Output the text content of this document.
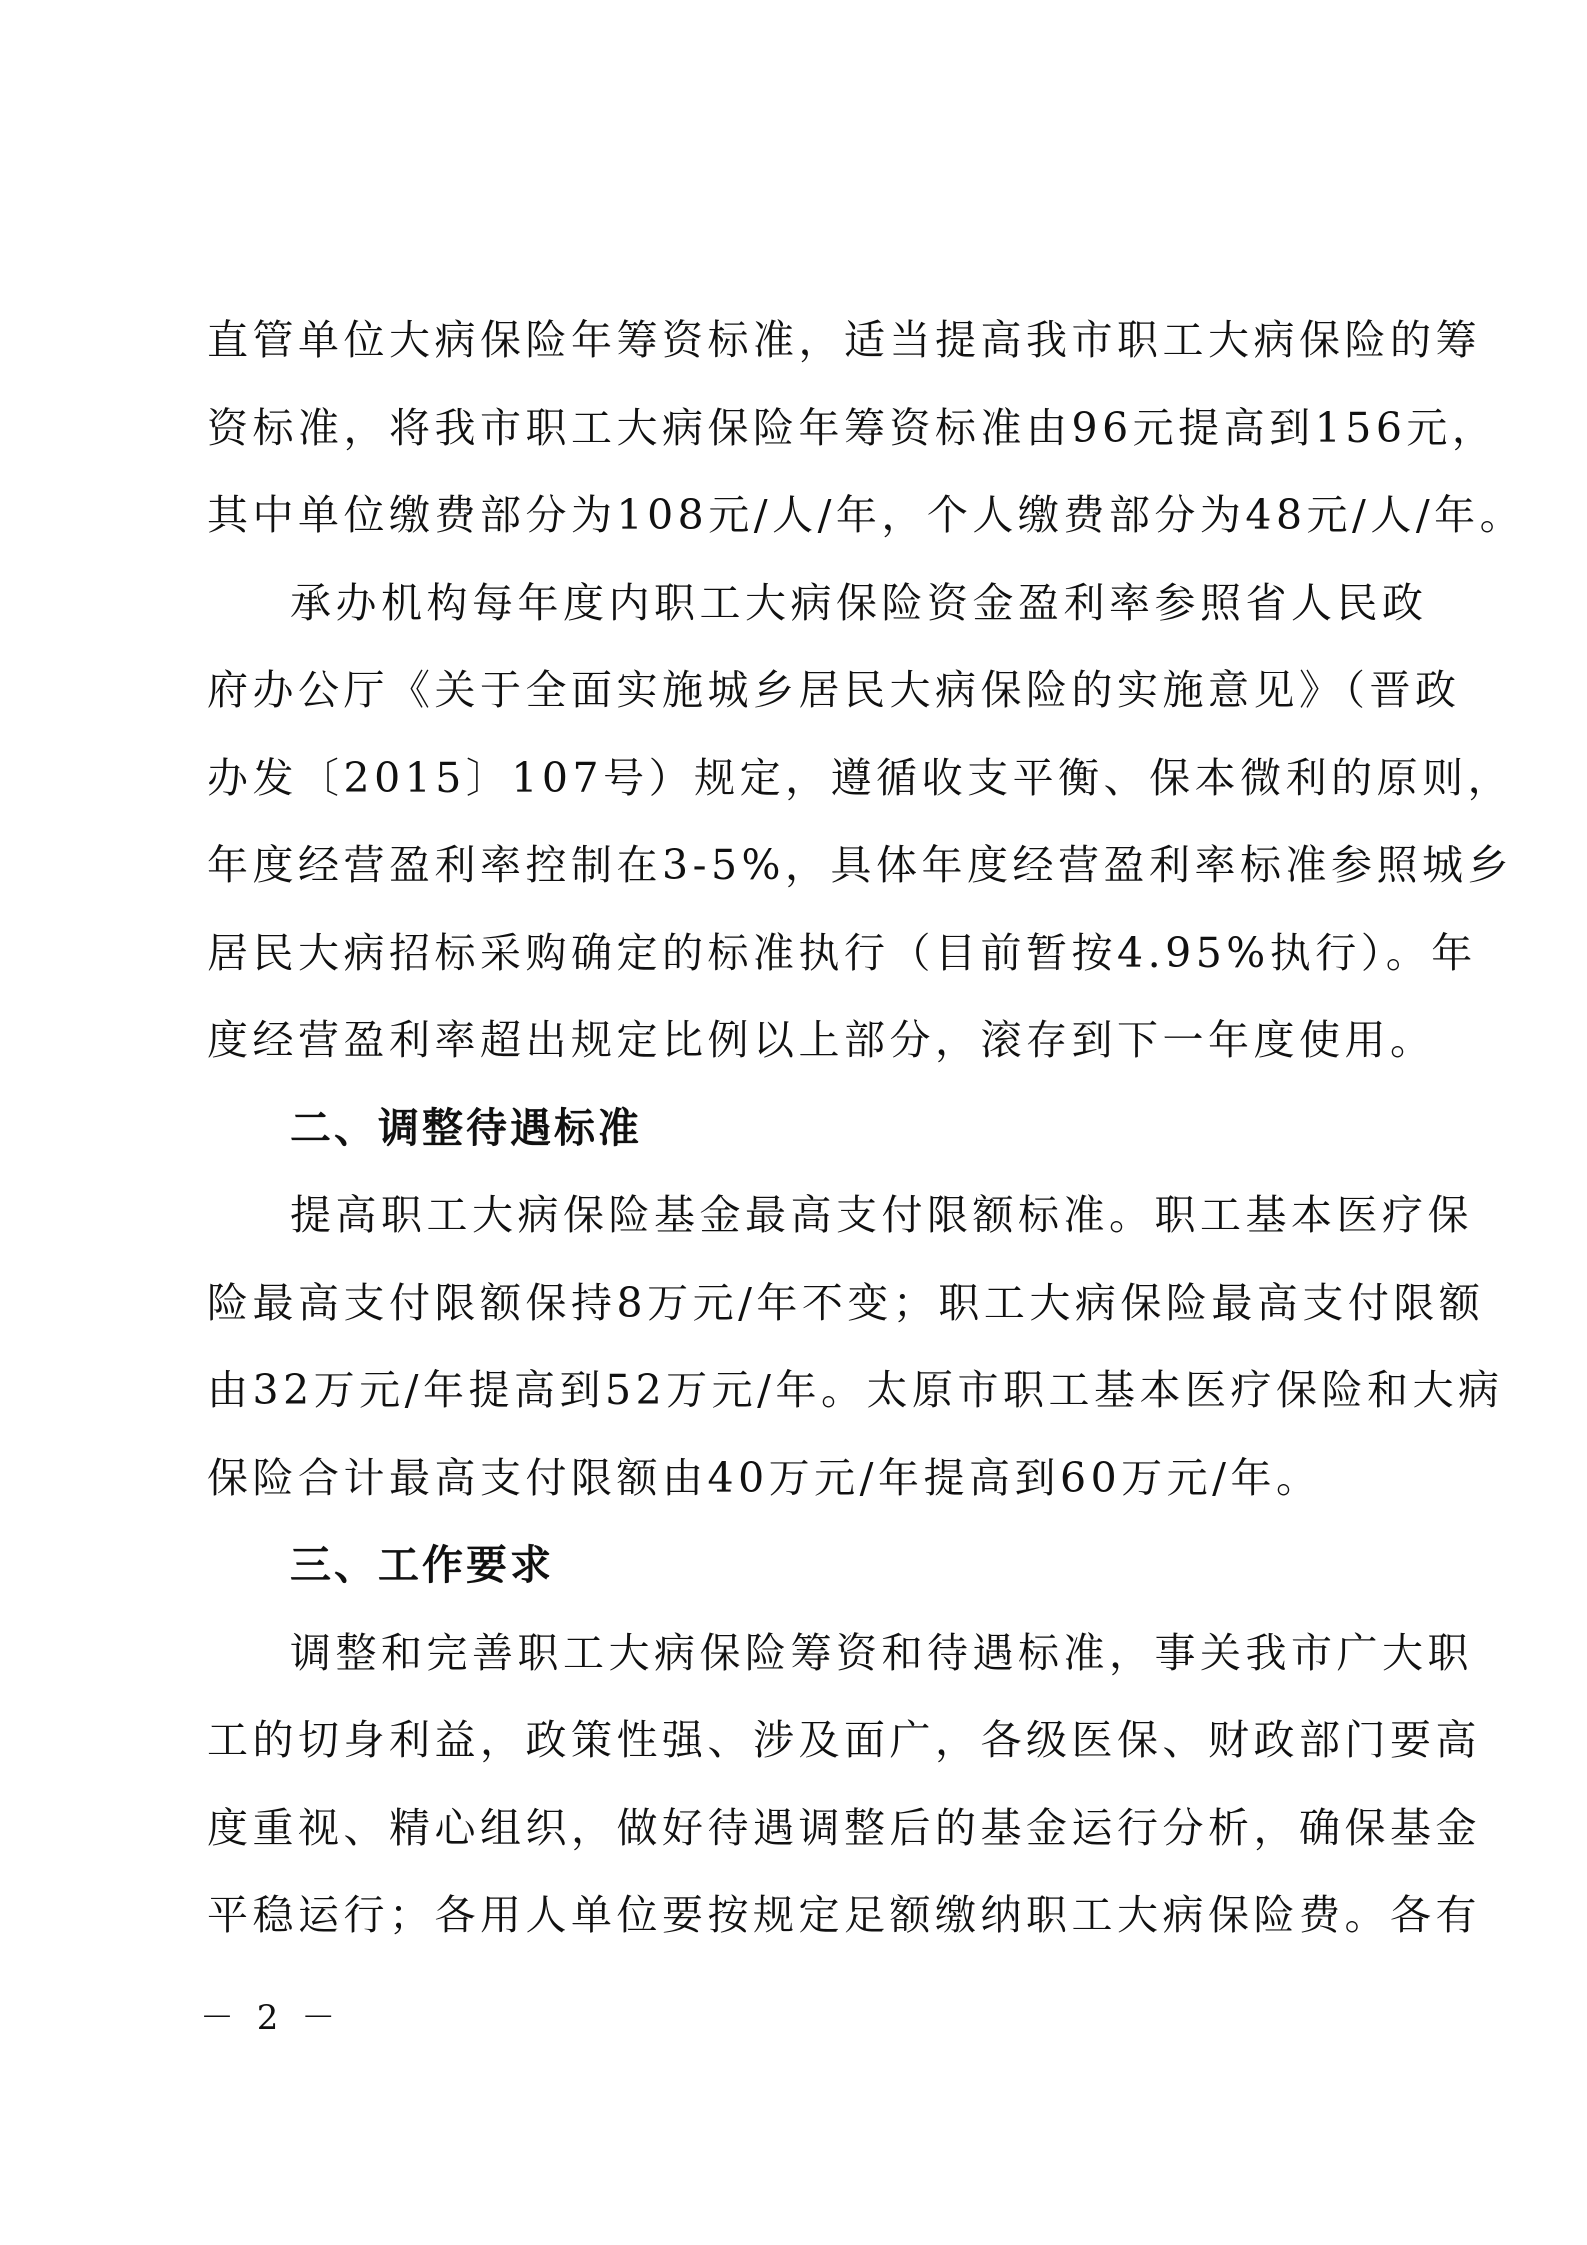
直管单位大病保险年筹资标准，适当提高我市职工大病保险的筹
资标准，将我市职工大病保险年筹资标准由96元提高到156元，
其中单位缴费部分为108元/人/年，个人缴费部分为48元/人/年。
承办机构每年度内职工大病保险资金盈利率参照省人民政
府办公厅《关于全面实施城乡居民大病保险的实施意见》（晋政
办发〔2015〕107号）规定，遵循收支平衡、保本微利的原则，
年度经营盈利率控制在3-5%，具体年度经营盈利率标准参照城乡
居民大病招标采购确定的标准执行（目前暂按4.95%执行）。年
度经营盈利率超出规定比例以上部分，滚存到下一年度使用。
二、调整待遇标准
提高职工大病保险基金最高支付限额标准。职工基本医疗保
险最高支付限额保持8万元/年不变；职工大病保险最高支付限额
由32万元/年提高到52万元/年。太原市职工基本医疗保险和大病
保险合计最高支付限额由40万元/年提高到60万元/年。
三、工作要求
调整和完善职工大病保险筹资和待遇标准，事关我市广大职
工的切身利益，政策性强、涉及面广，各级医保、财政部门要高
度重视、精心组织，做好待遇调整后的基金运行分析，确保基金
平稳运行；各用人单位要按规定足额缴纳职工大病保险费。各有
－ 2 －
